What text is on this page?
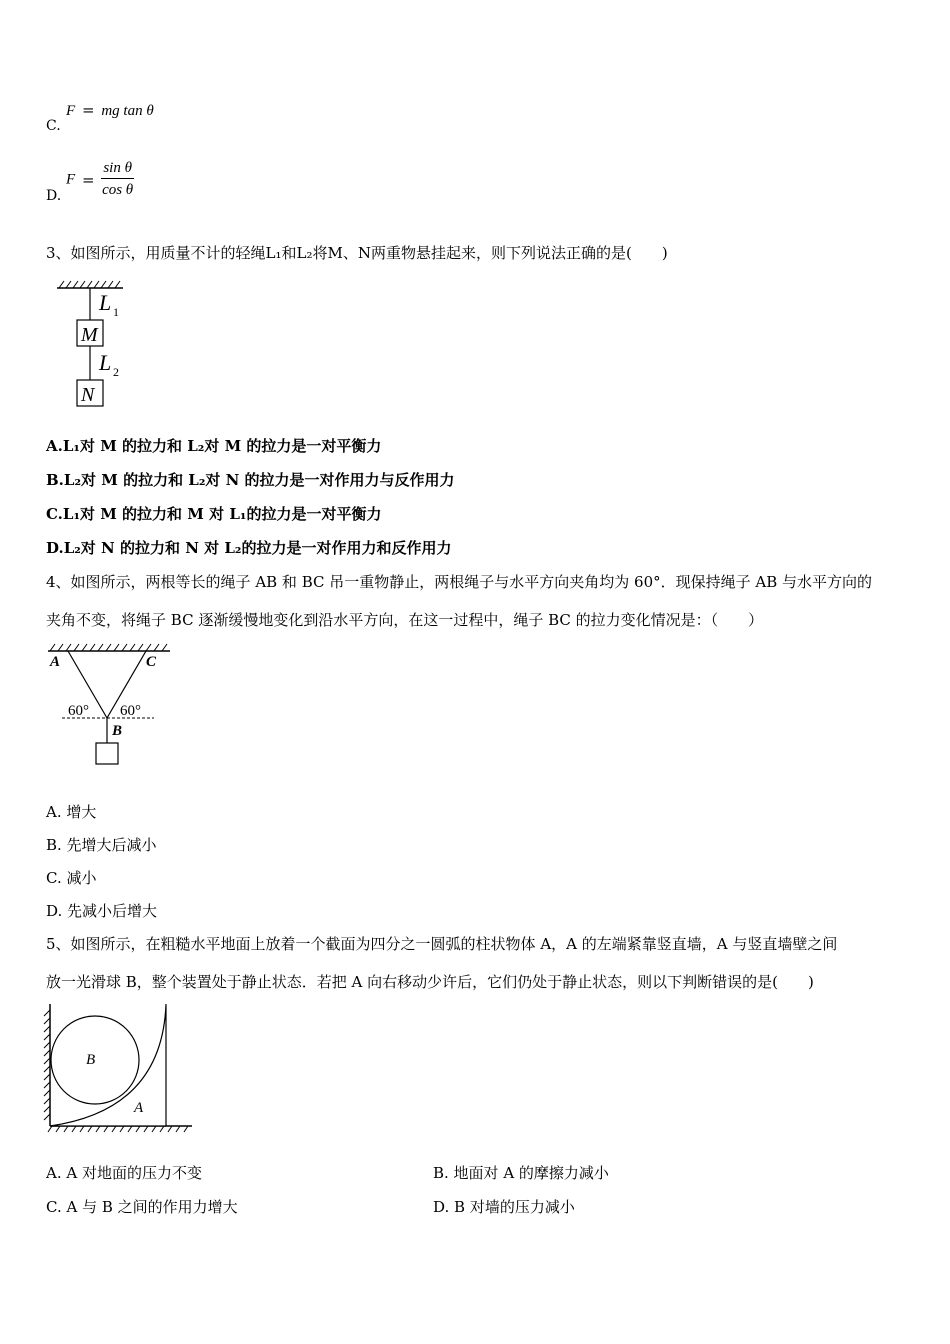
C.
F = mg tan θ
D.
$F = \frac{\text{sin θ}}{\text{cos θ}}$
3、如图所示，用质量不计的轻绳L₁和L₂将M、N两重物悬挂起来，则下列说法正确的是(　　)
M
N
L 1
L 2
A.L₁对 M 的拉力和 L₂对 M 的拉力是一对平衡力
B.L₂对 M 的拉力和 L₂对 N 的拉力是一对作用力与反作用力
C.L₁对 M 的拉力和 M 对 L₁的拉力是一对平衡力
D.L₂对 N 的拉力和 N 对 L₂的拉力是一对作用力和反作用力
4、如图所示，两根等长的绳子 AB 和 BC 吊一重物静止，两根绳子与水平方向夹角均为 60°．现保持绳子 AB 与水平方向的
夹角不变，将绳子 BC 逐渐缓慢地变化到沿水平方向，在这一过程中，绳子 BC 的拉力变化情况是：（　　）
A	C
B
60° 60°
A. 增大
B. 先增大后减小
C. 减小
D. 先减小后增大
5、如图所示，在粗糙水平地面上放着一个截面为四分之一圆弧的柱状物体 A，A 的左端紧靠竖直墙，A 与竖直墙壁之间
放一光滑球 B，整个装置处于静止状态．若把 A 向右移动少许后，它们仍处于静止状态，则以下判断错误的是(　　)
B
A
A. A 对地面的压力不变	B. 地面对 A 的摩擦力减小
C. A 与 B 之间的作用力增大	D. B 对墙的压力减小
